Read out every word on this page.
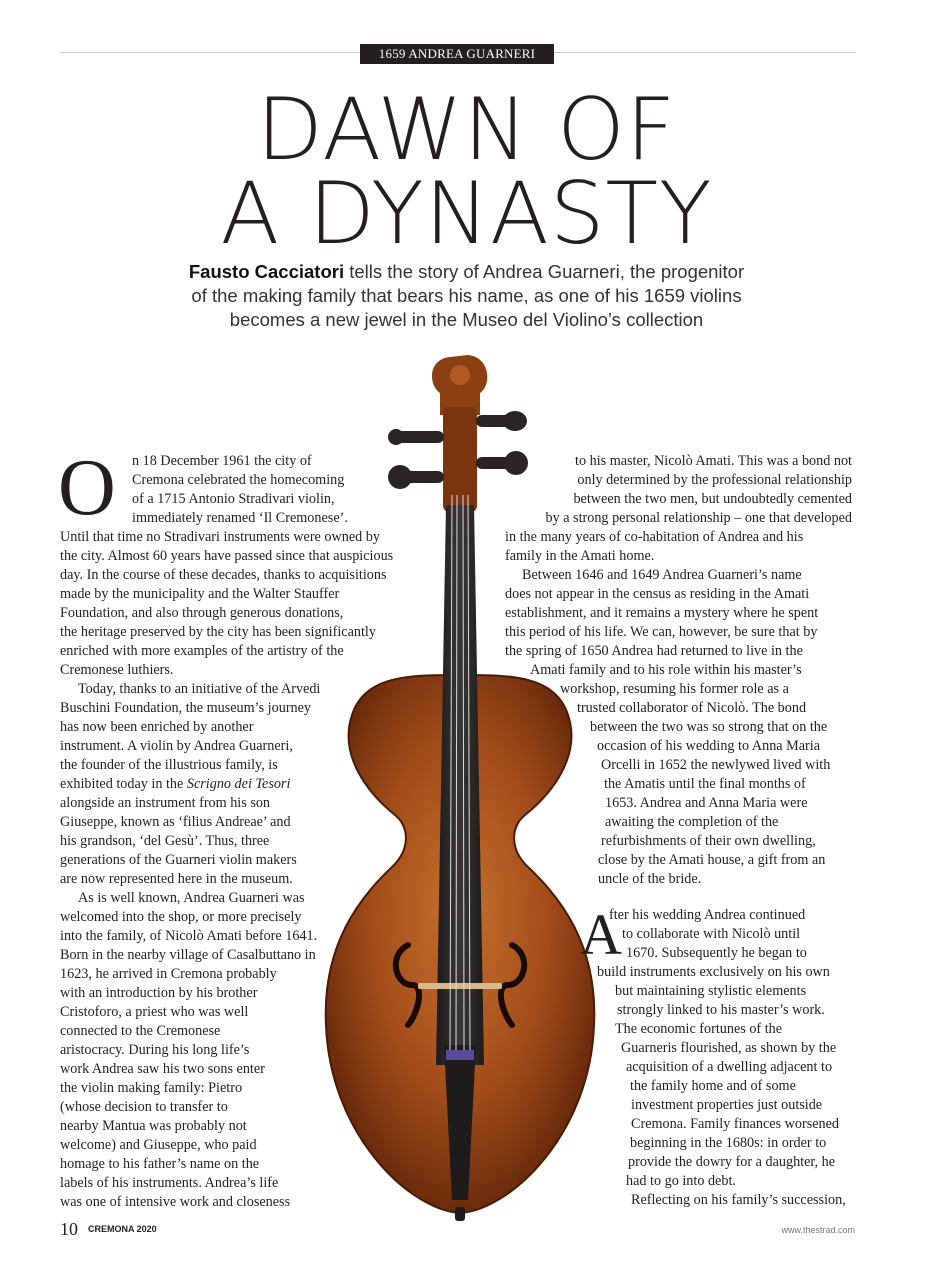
1659 ANDREA GUARNERI
DAWN OF
A DYNASTY
Fausto Cacciatori tells the story of Andrea Guarneri, the progenitor
of the making family that bears his name, as one of his 1659 violins
becomes a new jewel in the Museo del Violino’s collection
O	n 18 December 1961 the city of
Cremona celebrated the homecoming
of a 1715 Antonio Stradivari violin,
immediately renamed ‘Il Cremonese’.
Until that time no Stradivari instruments were owned by
the city. Almost 60 years have passed since that auspicious
day. In the course of these decades, thanks to acquisitions
made by the municipality and the Walter Stauffer
Foundation, and also through generous donations,
the heritage preserved by the city has been significantly
enriched with more examples of the artistry of the
Cremonese luthiers.
Today, thanks to an initiative of the Arvedi
Buschini Foundation, the museum’s journey
has now been enriched by another
instrument. A violin by Andrea Guarneri,
the founder of the illustrious family, is
exhibited today in the Scrigno dei Tesori
alongside an instrument from his son
Giuseppe, known as ‘filius Andreae’ and
his grandson, ‘del Gesù’. Thus, three
generations of the Guarneri violin makers
are now represented here in the museum.
As is well known, Andrea Guarneri was
welcomed into the shop, or more precisely
into the family, of Nicolò Amati before 1641.
Born in the nearby village of Casalbuttano in
1623, he arrived in Cremona probably
with an introduction by his brother
Cristoforo, a priest who was well
connected to the Cremonese
aristocracy. During his long life’s
work Andrea saw his two sons enter
the violin making family: Pietro
(whose decision to transfer to
nearby Mantua was probably not
welcome) and Giuseppe, who paid
homage to his father’s name on the
labels of his instruments. Andrea’s life
was one of intensive work and closeness
to his master, Nicolò Amati. This was a bond not
only determined by the professional relationship
between the two men, but undoubtedly cemented
by a strong personal relationship – one that developed
in the many years of co-habitation of Andrea and his
family in the Amati home.
Between 1646 and 1649 Andrea Guarneri’s name
does not appear in the census as residing in the Amati
establishment, and it remains a mystery where he spent
this period of his life. We can, however, be sure that by
the spring of 1650 Andrea had returned to live in the
Amati family and to his role within his master’s
workshop, resuming his former role as a
trusted collaborator of Nicolò. The bond
between the two was so strong that on the
occasion of his wedding to Anna Maria
Orcelli in 1652 the newlywed lived with
the Amatis until the final months of
1653. Andrea and Anna Maria were
awaiting the completion of the
refurbishments of their own dwelling,
close by the Amati house, a gift from an
uncle of the bride.
A
fter his wedding Andrea continued
to collaborate with Nicolò until
1670. Subsequently he began to
build instruments exclusively on his own
but maintaining stylistic elements
strongly linked to his master’s work.
The economic fortunes of the
Guarneris flourished, as shown by the
acquisition of a dwelling adjacent to
the family home and of some
investment properties just outside
Cremona. Family finances worsened
beginning in the 1680s: in order to
provide the dowry for a daughter, he
had to go into debt.
Reflecting on his family’s succession,
10 CREMONA 2020	www.thestrad.com
